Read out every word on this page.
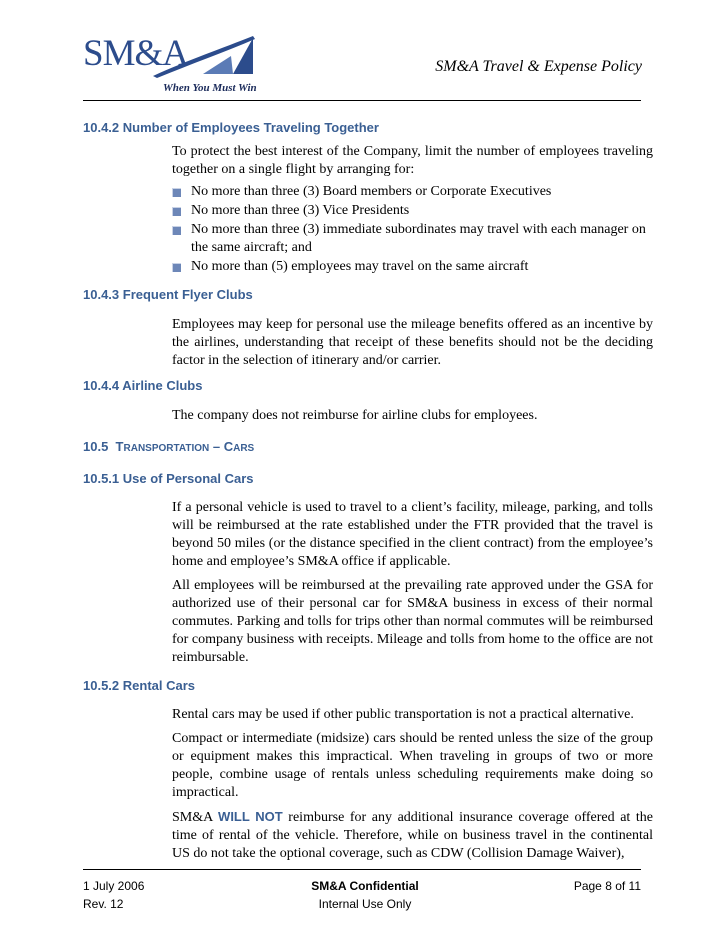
SM&A
When You Must Win
SM&A Travel & Expense Policy
10.4.2 Number of Employees Traveling Together

To protect the best interest of the Company, limit the number of employees traveling together on a single flight by arranging for:

No more than three (3) Board members or Corporate Executives
No more than three (3) Vice Presidents
No more than three (3) immediate subordinates may travel with each manager on the same aircraft; and
No more than (5) employees may travel on the same aircraft
10.4.3 Frequent Flyer Clubs

Employees may keep for personal use the mileage benefits offered as an incentive by the airlines, understanding that receipt of these benefits should not be the deciding factor in the selection of itinerary and/or carrier.

10.4.4 Airline Clubs

The company does not reimburse for airline clubs for employees.

10.5 TRANSPORTATION – CARS
10.5.1 Use of Personal Cars

If a personal vehicle is used to travel to a client’s facility, mileage, parking, and tolls will be reimbursed at the rate established under the FTR provided that the travel is beyond 50 miles (or the distance specified in the client contract) from the employee’s home and employee’s SM&A office if applicable.

All employees will be reimbursed at the prevailing rate approved under the GSA for authorized use of their personal car for SM&A business in excess of their normal commutes. Parking and tolls for trips other than normal commutes will be reimbursed for company business with receipts. Mileage and tolls from home to the office are not reimbursable.

10.5.2 Rental Cars

Rental cars may be used if other public transportation is not a practical alternative.

Compact or intermediate (midsize) cars should be rented unless the size of the group or equipment makes this impractical. When traveling in groups of two or more people, combine usage of rentals unless scheduling requirements make doing so impractical.

SM&A WILL NOT reimburse for any additional insurance coverage offered at the time of rental of the vehicle. Therefore, while on business travel in the continental US do not take the optional coverage, such as CDW (Collision Damage Waiver),

1 July 2006
Rev. 12
SM&A Confidential
Internal Use Only
Page 8 of 11
